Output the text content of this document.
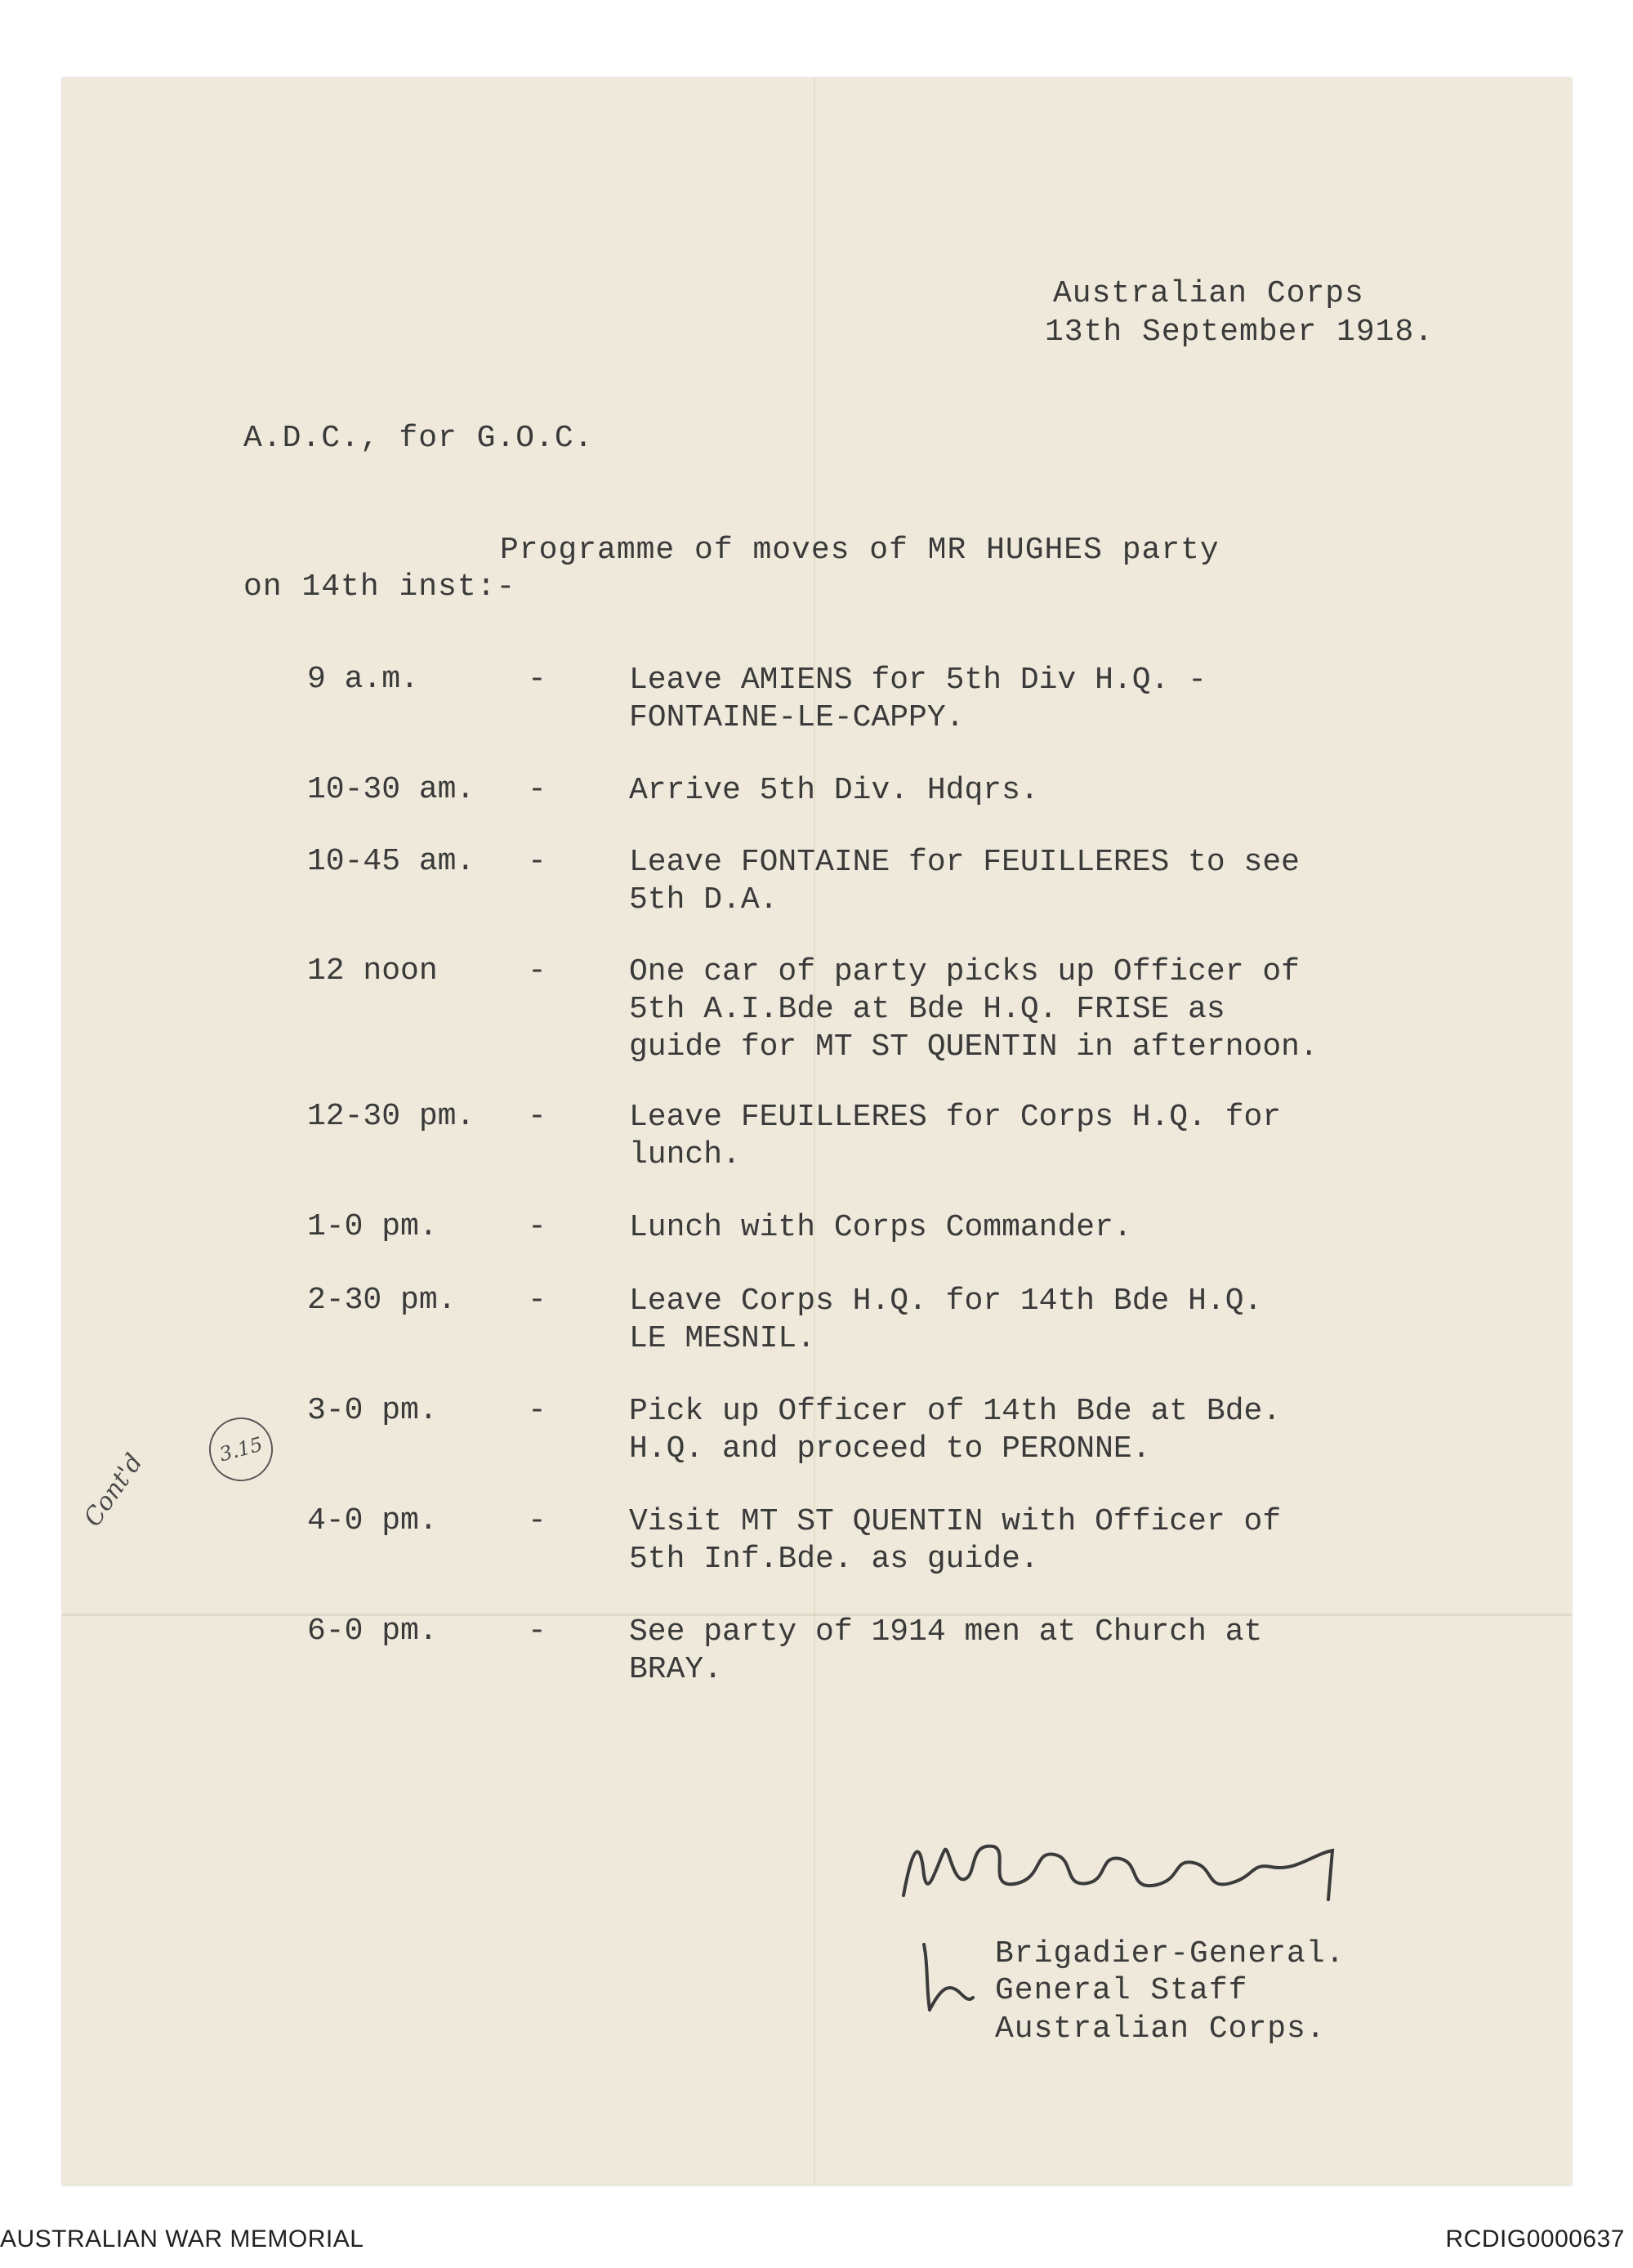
Australian Corps
13th September 1918.
A.D.C., for G.O.C.
Programme of moves of MR HUGHES party
on 14th inst:-
9 a.m.	-	Leave AMIENS for 5th Div H.Q. -
FONTAINE-LE-CAPPY.
10-30 am.	-	Arrive 5th Div. Hdqrs.
10-45 am.	-	Leave FONTAINE for FEUILLERES to see
5th D.A.
12 noon	-	One car of party picks up Officer of
5th A.I.Bde at Bde H.Q. FRISE as
guide for MT ST QUENTIN in afternoon.
12-30 pm.	-	Leave FEUILLERES for Corps H.Q. for
lunch.
1-0 pm.	-	Lunch with Corps Commander.
2-30 pm.	-	Leave Corps H.Q. for 14th Bde H.Q.
LE MESNIL.
3-0 pm.	-	Pick up Officer of 14th Bde at Bde.
H.Q. and proceed to PERONNE.
4-0 pm.	-	Visit MT ST QUENTIN with Officer of
5th Inf.Bde. as guide.
6-0 pm.	-	See party of 1914 men at Church at
BRAY.
3.15
Cont'd
Brigadier-General.
General Staff
Australian Corps.
AUSTRALIAN WAR MEMORIAL	RCDIG0000637
